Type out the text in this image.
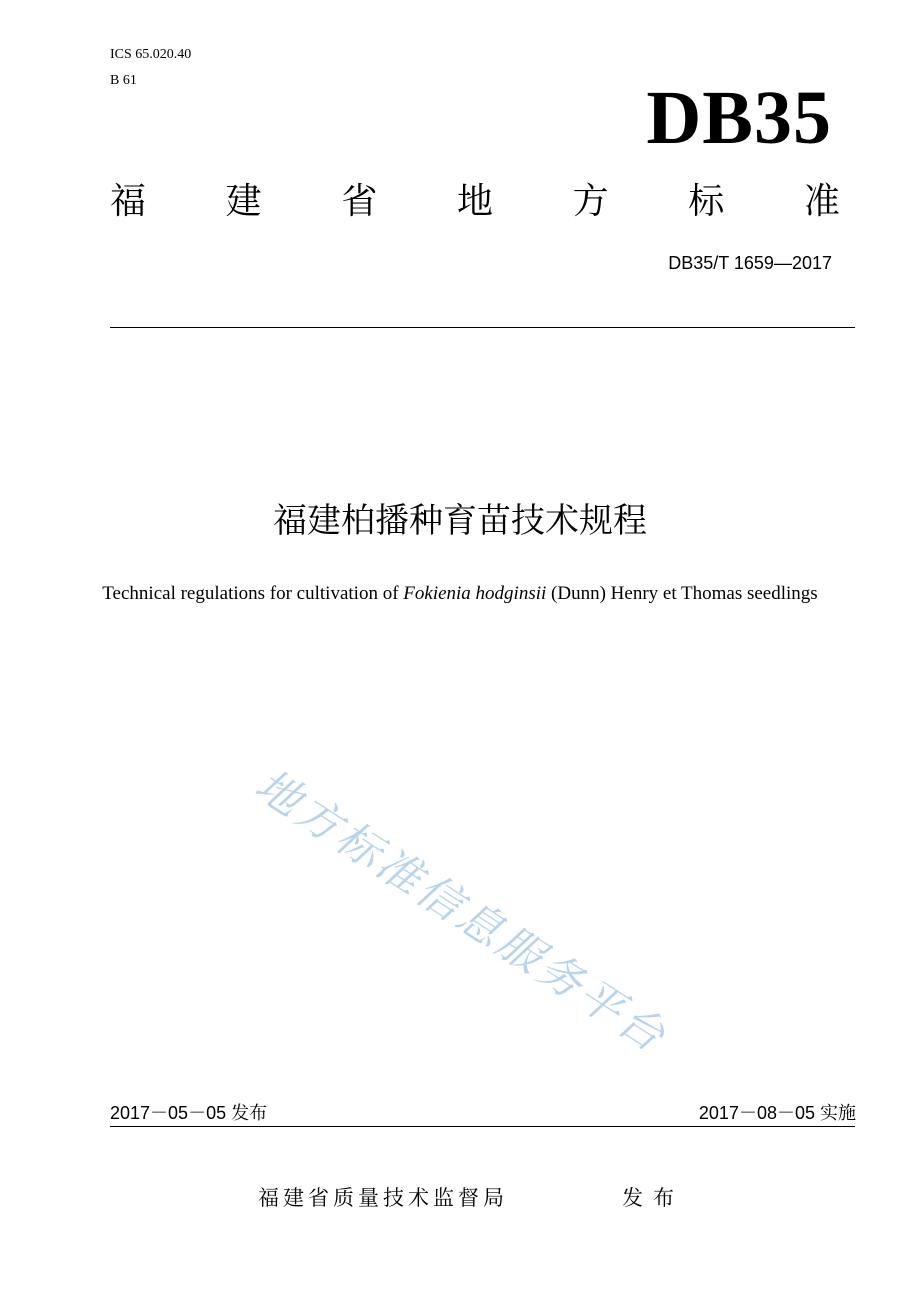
ICS 65.020.40
B 61	DB35
福 建 省 地 方 标 准
DB35/T 1659—2017
福建柏播种育苗技术规程
Technical regulations for cultivation of Fokienia hodginsii (Dunn) Henry et Thomas seedlings
地方标准信息服务平台
2017－05－05 发布	2017－08－05 实施
福建省质量技术监督局	发布
